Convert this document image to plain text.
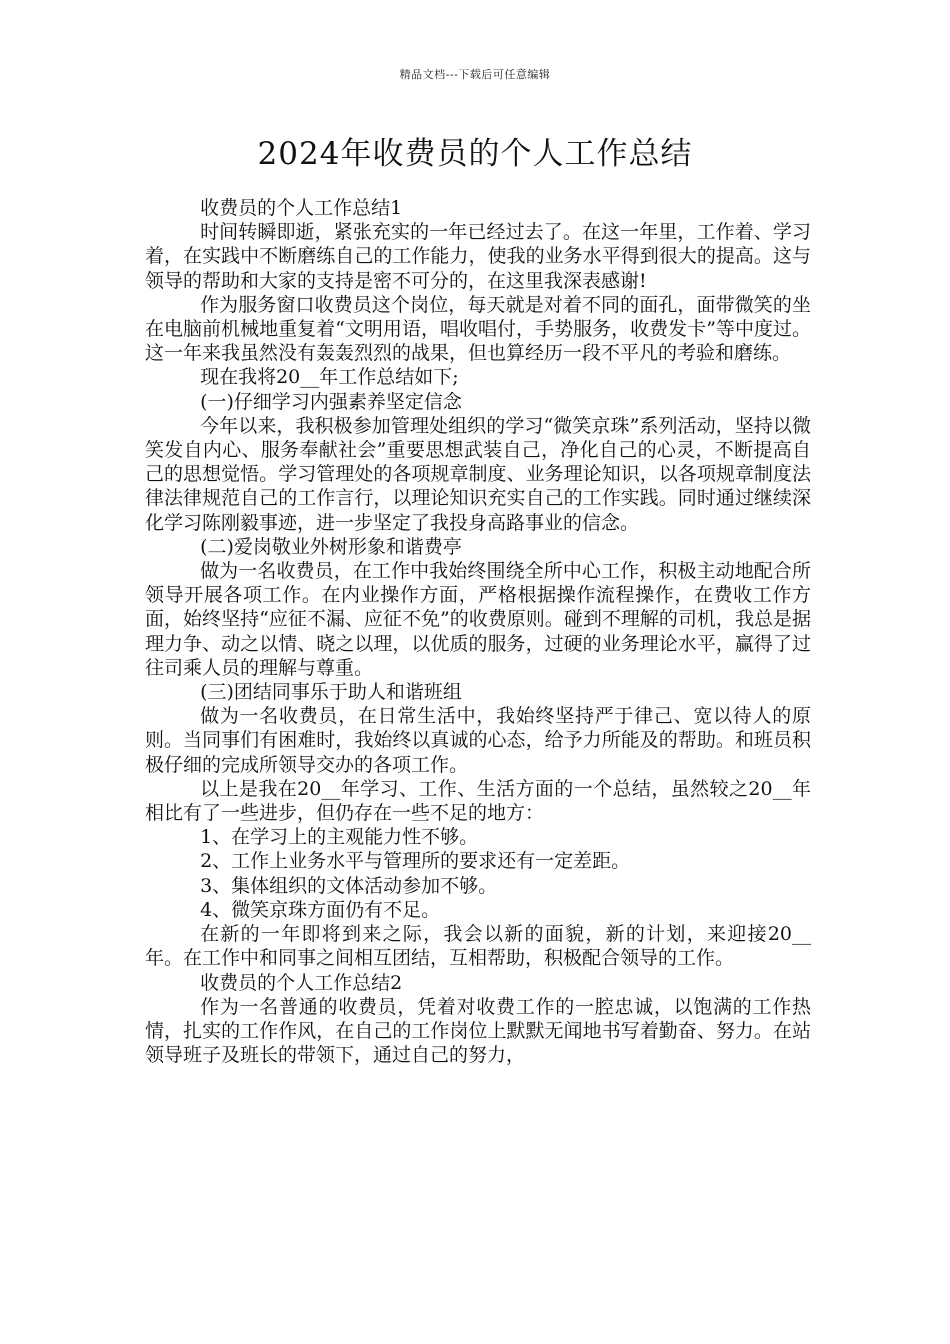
精品文档---下载后可任意编辑
2024年收费员的个人工作总结

收费员的个人工作总结1

时间转瞬即逝，紧张充实的一年已经过去了。在这一年里，工作着、学习着，在实践中不断磨练自己的工作能力，使我的业务水平得到很大的提高。这与领导的帮助和大家的支持是密不可分的，在这里我深表感谢!

作为服务窗口收费员这个岗位，每天就是对着不同的面孔，面带微笑的坐在电脑前机械地重复着“文明用语，唱收唱付，手势服务，收费发卡”等中度过。这一年来我虽然没有轰轰烈烈的战果，但也算经历一段不平凡的考验和磨练。

现在我将20__年工作总结如下;

(一)仔细学习内强素养坚定信念

今年以来，我积极参加管理处组织的学习“微笑京珠”系列活动，坚持以微笑发自内心、服务奉献社会”重要思想武装自己，净化自己的心灵，不断提高自己的思想觉悟。学习管理处的各项规章制度、业务理论知识，以各项规章制度法律法律规范自己的工作言行，以理论知识充实自己的工作实践。同时通过继续深化学习陈刚毅事迹，进一步坚定了我投身高路事业的信念。

(二)爱岗敬业外树形象和谐费亭

做为一名收费员，在工作中我始终围绕全所中心工作，积极主动地配合所领导开展各项工作。在内业操作方面，严格根据操作流程操作，在费收工作方面，始终坚持“应征不漏、应征不免”的收费原则。碰到不理解的司机，我总是据理力争、动之以情、晓之以理，以优质的服务，过硬的业务理论水平，赢得了过往司乘人员的理解与尊重。

(三)团结同事乐于助人和谐班组

做为一名收费员，在日常生活中，我始终坚持严于律己、宽以待人的原则。当同事们有困难时，我始终以真诚的心态，给予力所能及的帮助。和班员积极仔细的完成所领导交办的各项工作。

以上是我在20__年学习、工作、生活方面的一个总结，虽然较之20__年相比有了一些进步，但仍存在一些不足的地方：

1、在学习上的主观能力性不够。

2、工作上业务水平与管理所的要求还有一定差距。

3、集体组织的文体活动参加不够。

4、微笑京珠方面仍有不足。

在新的一年即将到来之际，我会以新的面貌，新的计划，来迎接20__年。在工作中和同事之间相互团结，互相帮助，积极配合领导的工作。

收费员的个人工作总结2

作为一名普通的收费员，凭着对收费工作的一腔忠诚，以饱满的工作热情，扎实的工作作风，在自己的工作岗位上默默无闻地书写着勤奋、努力。在站领导班子及班长的带领下，通过自己的努力，
